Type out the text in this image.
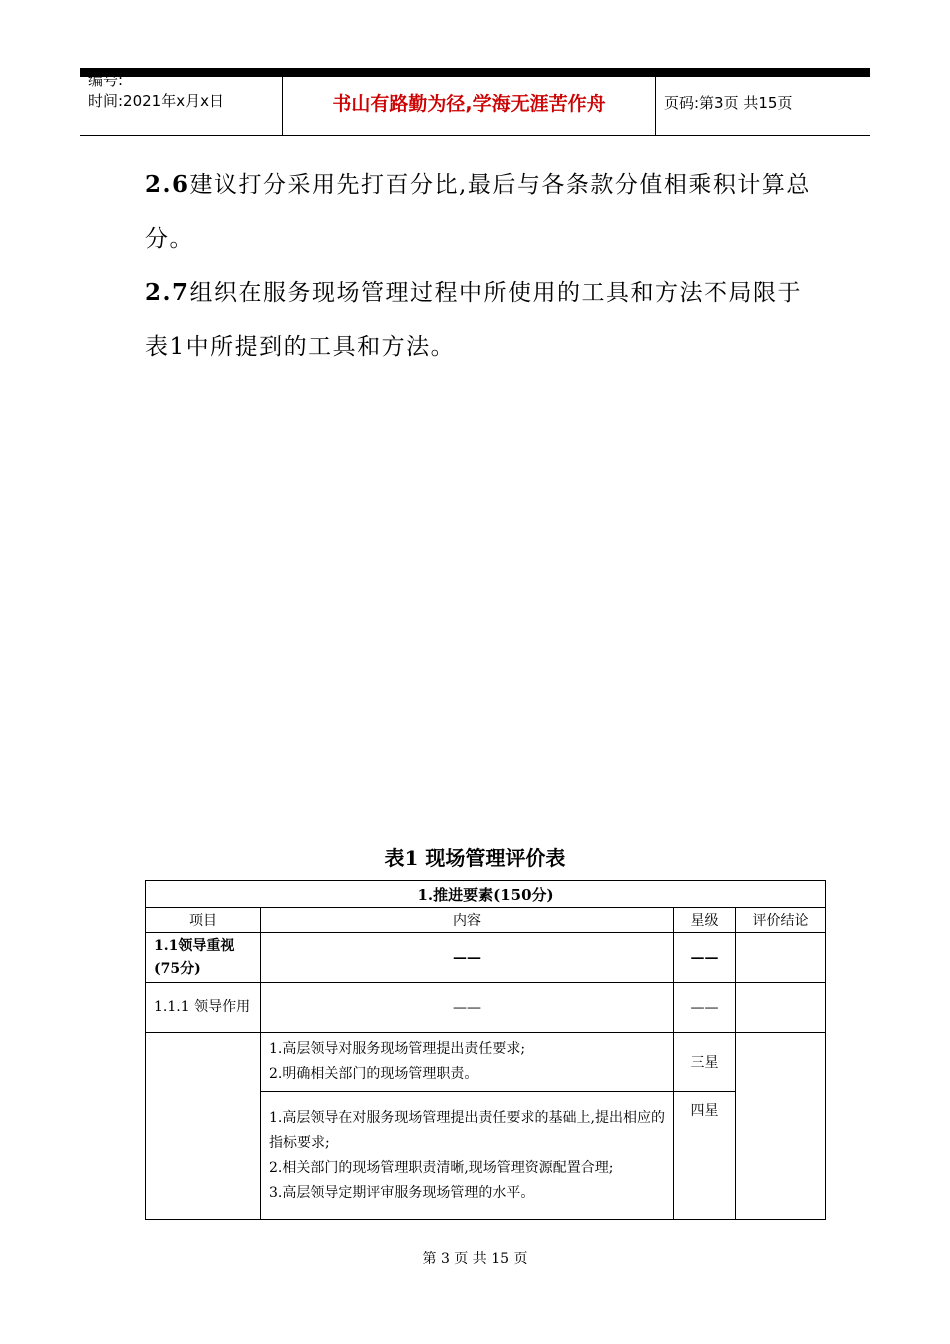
编号:
时间:2021年x月x日	书山有路勤为径,学海无涯苦作舟	页码:第3页 共15页
2.6建议打分采用先打百分比,最后与各条款分值相乘积计算总分。
2.7组织在服务现场管理过程中所使用的工具和方法不局限于表1中所提到的工具和方法。
表1 现场管理评价表
1.推进要素(150分)			
项目	内容	星级	评价结论
1.1领导重视(75分)	——	——	
1.1.1 领导作用	——	——	

	1.高层领导对服务现场管理提出责任要求;
2.明确相关部门的现场管理职责。	三星	

	1.高层领导在对服务现场管理提出责任要求的基础上,提出相应的指标要求;
2.相关部门的现场管理职责清晰,现场管理资源配置合理;
3.高层领导定期评审服务现场管理的水平。	四星	
第 3 页 共 15 页
